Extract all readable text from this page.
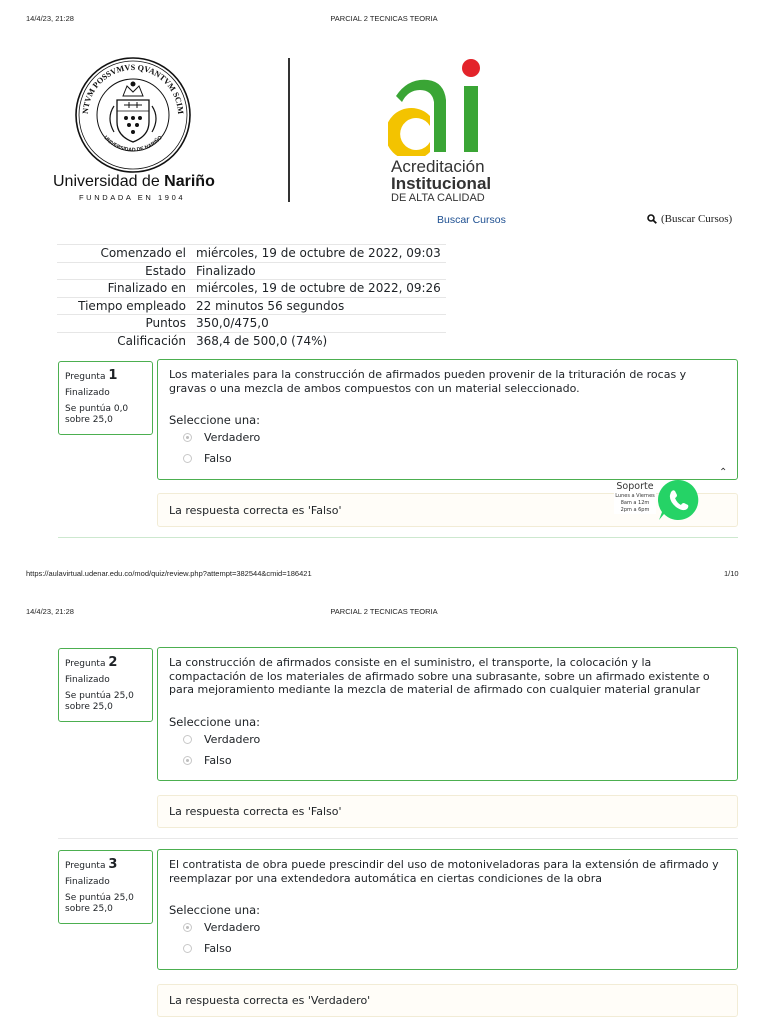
14/4/23, 21:28	PARCIAL 2 TECNICAS TEORIA
NTVM POSSVMVS QVANTVM SCIM
UNIVERSIDAD DE NARIÑO
Universidad de Nariño
FUNDADA EN 1904
Acreditación
Institucional
DE ALTA CALIDAD
Buscar Cursos	(Buscar Cursos)
Comenzado el	miércoles, 19 de octubre de 2022, 09:03
Estado	Finalizado
Finalizado en	miércoles, 19 de octubre de 2022, 09:26
Tiempo empleado	22 minutos 56 segundos
Puntos	350,0/475,0
Calificación	368,4 de 500,0 (74%)
Pregunta 1
Finalizado
Se puntúa 0,0 sobre 25,0
Los materiales para la construcción de afirmados pueden provenir de la trituración de rocas y gravas o una mezcla de ambos compuestos con un material seleccionado.
Seleccione una:
Verdadero
Falso
La respuesta correcta es 'Falso'
Soporte
Lunes a Viernes
8am a 12m
2pm a 6pm
⌃
https://aulavirtual.udenar.edu.co/mod/quiz/review.php?attempt=382544&cmid=186421	1/10
14/4/23, 21:28	PARCIAL 2 TECNICAS TEORIA
Pregunta 2
Finalizado
Se puntúa 25,0 sobre 25,0
La construcción de afirmados consiste en el suministro, el transporte, la colocación y la compactación de los materiales de afirmado sobre una subrasante, sobre un afirmado existente o para mejoramiento mediante la mezcla de material de afirmado con cualquier material granular
Seleccione una:
Verdadero
Falso
La respuesta correcta es 'Falso'
Pregunta 3
Finalizado
Se puntúa 25,0 sobre 25,0
El contratista de obra puede prescindir del uso de motoniveladoras para la extensión de afirmado y reemplazar por una extendedora automática en ciertas condiciones de la obra
Seleccione una:
Verdadero
Falso
La respuesta correcta es 'Verdadero'
